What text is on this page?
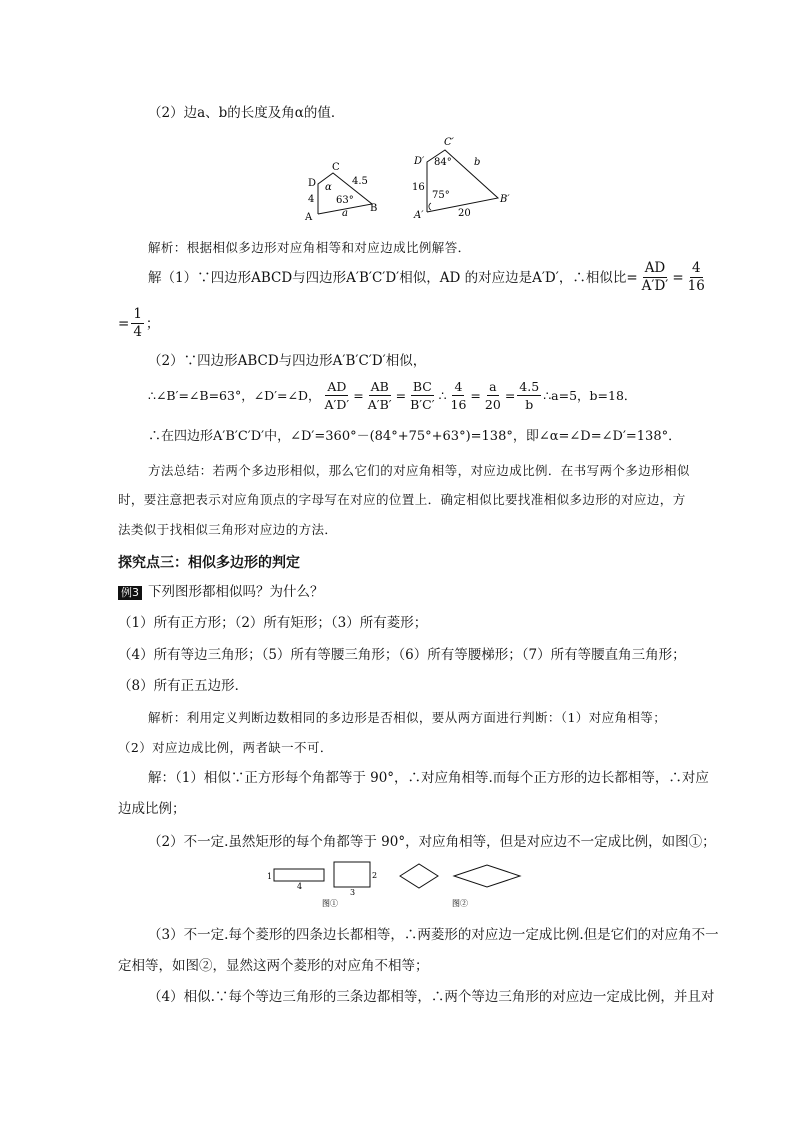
（2）边a、b的长度及角α的值．
A
B
C
D α
4
4.5
63°
a	A′
B′
C′
D′ 84°
75°
16
b
20
解析：根据相似多边形对应角相等和对应边成比例解答．
解（1）∵四边形ABCD与四边形A′B′C′D′相似，AD 的对应边是A′D′，∴相似比= $\frac{AD}{A'D'} = \frac{4}{16}$
= $\frac{1}{4}$ ；
（2）∵四边形ABCD与四边形A′B′C′D′相似，
∴∠B′=∠B=63°，∠D′=∠D， $\frac{AD}{A'D'} = \frac{AB}{A'B'} = \frac{BC}{B'C'}$ ∴ $\frac{4}{16} = \frac{a}{20} = \frac{4.5}{b}$ ∴a=5，b=18．
∴在四边形A′B′C′D′中，∠D′=360°－(84°+75°+63°)=138°，即∠α=∠D=∠D′=138°．
方法总结：若两个多边形相似，那么它们的对应角相等，对应边成比例．在书写两个多边形相似
时，要注意把表示对应角顶点的字母写在对应的位置上．确定相似比要找准相似多边形的对应边，方
法类似于找相似三角形对应边的方法．
探究点三：相似多边形的判定
例3 下列图形都相似吗？为什么？
（1）所有正方形；（2）所有矩形；（3）所有菱形；
（4）所有等边三角形；（5）所有等腰三角形；（6）所有等腰梯形；（7）所有等腰直角三角形；
（8）所有正五边形．
解析：利用定义判断边数相同的多边形是否相似，要从两方面进行判断：（1）对应角相等；
（2）对应边成比例，两者缺一不可．
解：（1）相似∵正方形每个角都等于 90°，∴对应角相等.而每个正方形的边长都相等，∴对应
边成比例；
（2）不一定.虽然矩形的每个角都等于 90°，对应角相等，但是对应边不一定成比例，如图①；
1
4
2
3
图①	图②
（3）不一定.每个菱形的四条边长都相等，∴两菱形的对应边一定成比例.但是它们的对应角不一
定相等，如图②，显然这两个菱形的对应角不相等；
（4）相似.∵每个等边三角形的三条边都相等，∴两个等边三角形的对应边一定成比例，并且对
